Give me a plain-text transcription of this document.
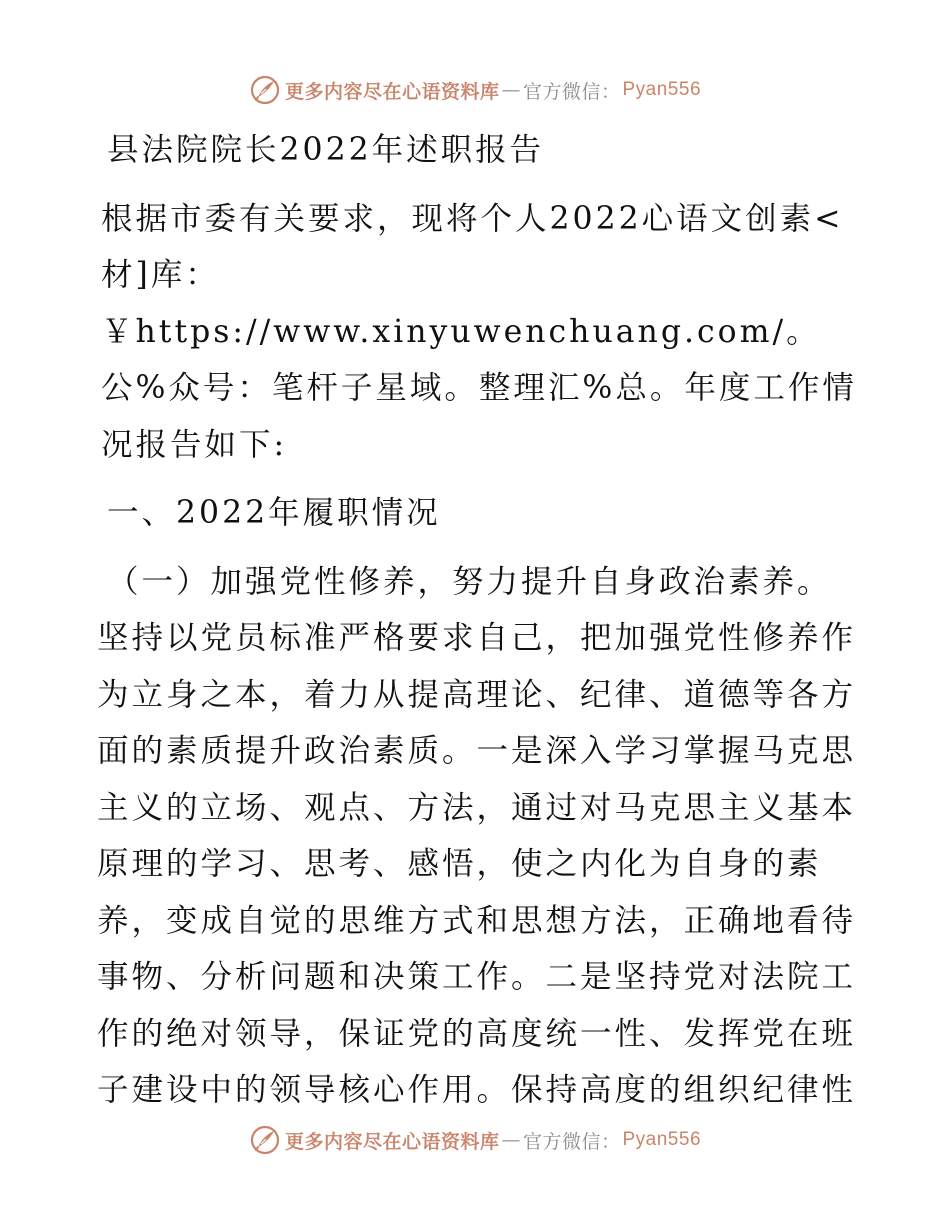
更多内容尽在心语资料库 — 官方微信： Pyan556

县法院院长2022年述职报告

根据市委有关要求，现将个人2022心语文创素<材]库：￥https://www.xinyuwenchuang.com/。公%众号：笔杆子星域。整理汇%总。年度工作情况报告如下:

一、2022年履职情况

（一）加强党性修养，努力提升自身政治素养。

坚持以党员标准严格要求自己，把加强党性修养作为立身之本，着力从提高理论、纪律、道德等各方面的素质提升政治素质。一是深入学习掌握马克思主义的立场、观点、方法，通过对马克思主义基本原理的学习、思考、感悟，使之内化为自身的素养，变成自觉的思维方式和思想方法，正确地看待事物、分析问题和决策工作。二是坚持党对法院工作的绝对领导，保证党的高度统一性、发挥党在班子建设中的领导核心作用。保持高度的组织纪律性

更多内容尽在心语资料库 — 官方微信： Pyan556
